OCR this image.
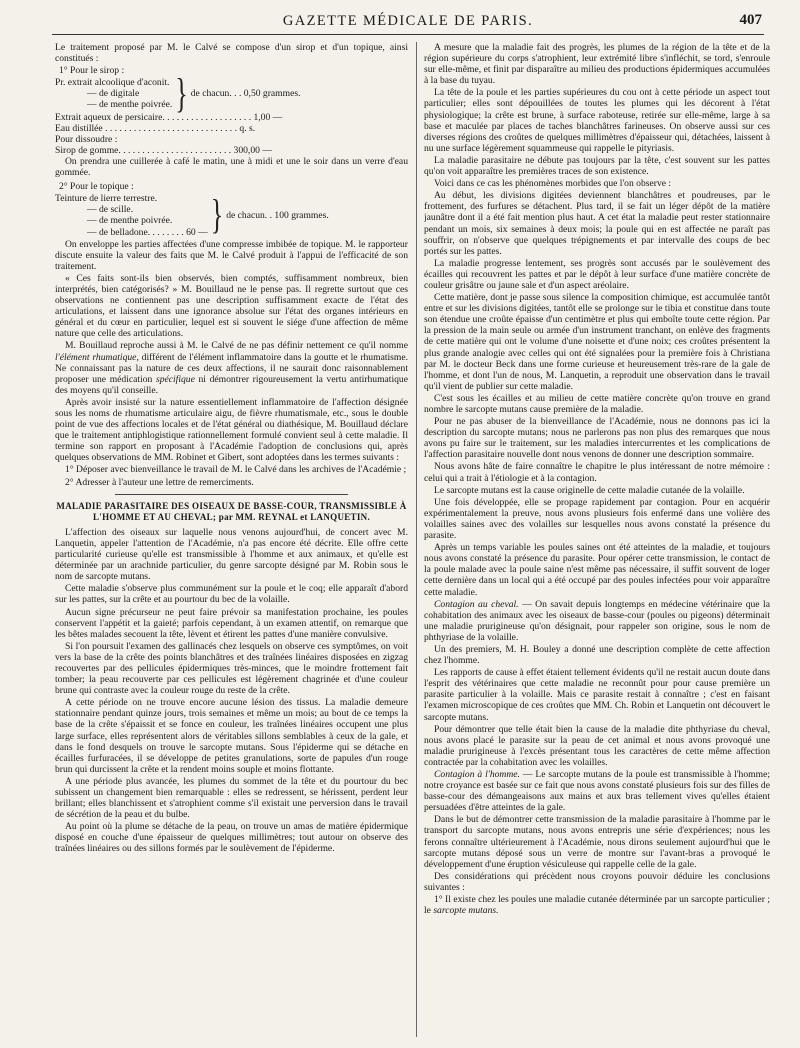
GAZETTE MÉDICALE DE PARIS.	407

Le traitement proposé par M. le Calvé se compose d'un sirop et d'un topique, ainsi constitués :

1° Pour le sirop :

Pr. extrait alcoolique d'aconit.
— de digitale
— de menthe poivrée. } de chacun. . . 0,50 grammes.
Extrait aqueux de persicaire. . . . . . . . . . . . . . . . . . . 1,00 —
Eau distillée . . . . . . . . . . . . . . . . . . . . . . . . . . . . q. s.
Pour dissoudre :
Sirop de gomme. . . . . . . . . . . . . . . . . . . . . . . . 300,00 —

On prendra une cuillerée à café le matin, une à midi et une le soir dans un verre d'eau gommée.

2° Pour le topique :

Teinture de lierre terrestre.
— de scille.
— de menthe poivrée.
— de belladone. . . . . . . . 60 — } de chacun. . 100 grammes.

On enveloppe les parties affectées d'une compresse imbibée de topique. M. le rapporteur discute ensuite la valeur des faits que M. le Calvé produit à l'appui de l'efficacité de son traitement.

« Ces faits sont-ils bien observés, bien comptés, suffisamment nombreux, bien interprétés, bien catégorisés? » M. Bouillaud ne le pense pas. Il regrette surtout que ces observations ne contiennent pas une description suffisamment exacte de l'état des articulations, et laissent dans une ignorance absolue sur l'état des organes intérieurs en général et du cœur en particulier, lequel est si souvent le siége d'une affection de même nature que celle des articulations.

M. Bouillaud reproche aussi à M. le Calvé de ne pas définir nettement ce qu'il nomme l'élément rhumatique, différent de l'élément inflammatoire dans la goutte et le rhumatisme. Ne connaissant pas la nature de ces deux affections, il ne saurait donc raisonnablement proposer une médication spécifique ni démontrer rigoureusement la vertu antirhumatique des moyens qu'il conseille.

Après avoir insisté sur la nature essentiellement inflammatoire de l'affection désignée sous les noms de rhumatisme articulaire aigu, de fièvre rhumatismale, etc., sous le double point de vue des affections locales et de l'état général ou diathésique, M. Bouillaud déclare que le traitement antiphlogistique rationnellement formulé convient seul à cette maladie. Il termine son rapport en proposant à l'Académie l'adoption de conclusions qui, après quelques observations de MM. Robinet et Gibert, sont adoptées dans les termes suivants :

1° Déposer avec bienveillance le travail de M. le Calvé dans les archives de l'Académie ;

2° Adresser à l'auteur une lettre de remerciments.

MALADIE PARASITAIRE DES OISEAUX DE BASSE-COUR, TRANSMISSIBLE À L'HOMME ET AU CHEVAL; par MM. REYNAL et LANQUETIN.

L'affection des oiseaux sur laquelle nous venons aujourd'hui, de concert avec M. Lanquetin, appeler l'attention de l'Académie, n'a pas encore été décrite. Elle offre cette particularité curieuse qu'elle est transmissible à l'homme et aux animaux, et qu'elle est déterminée par un arachnide particulier, du genre sarcopte désigné par M. Robin sous le nom de sarcopte mutans.

Cette maladie s'observe plus communément sur la poule et le coq; elle apparaît d'abord sur les pattes, sur la crête et au pourtour du bec de la volaille.

Aucun signe précurseur ne peut faire prévoir sa manifestation prochaine, les poules conservent l'appétit et la gaieté; parfois cependant, à un examen attentif, on remarque que les bêtes malades secouent la tête, lèvent et étirent les pattes d'une manière convulsive.

Si l'on poursuit l'examen des gallinacés chez lesquels on observe ces symptômes, on voit vers la base de la crête des points blanchâtres et des traînées linéaires disposées en zigzag recouvertes par des pellicules épidermiques très-minces, que le moindre frottement fait tomber; la peau recouverte par ces pellicules est légèrement chagrinée et d'une couleur brune qui contraste avec la couleur rouge du reste de la crête.

A cette période on ne trouve encore aucune lésion des tissus. La maladie demeure stationnaire pendant quinze jours, trois semaines et même un mois; au bout de ce temps la base de la crête s'épaissit et se fonce en couleur, les traînées linéaires occupent une plus large surface, elles représentent alors de véritables sillons semblables à ceux de la gale, et dans le fond desquels on trouve le sarcopte mutans. Sous l'épiderme qui se détache en écailles furfuracées, il se développe de petites granulations, sorte de papules d'un rouge brun qui durcissent la crête et la rendent moins souple et moins flottante.

A une période plus avancée, les plumes du sommet de la tête et du pourtour du bec subissent un changement bien remarquable : elles se redressent, se hérissent, perdent leur brillant; elles blanchissent et s'atrophient comme s'il existait une perversion dans le travail de sécrétion de la peau et du bulbe.

Au point où la plume se détache de la peau, on trouve un amas de matière épidermique disposé en couche d'une épaisseur de quelques millimètres; tout autour on observe des traînées linéaires ou des sillons formés par le soulèvement de l'épiderme.

A mesure que la maladie fait des progrès, les plumes de la région de la tête et de la région supérieure du corps s'atrophient, leur extrémité libre s'infléchit, se tord, s'enroule sur elle-même, et finit par disparaître au milieu des productions épidermiques accumulées à la base du tuyau.

La tête de la poule et les parties supérieures du cou ont à cette période un aspect tout particulier; elles sont dépouillées de toutes les plumes qui les décorent à l'état physiologique; la crête est brune, à surface raboteuse, retirée sur elle-même, large à sa base et maculée par places de taches blanchâtres farineuses. On observe aussi sur ces diverses régions des croûtes de quelques millimètres d'épaisseur qui, détachées, laissent à nu une surface légèrement squammeuse qui rappelle le pityriasis.

La maladie parasitaire ne débute pas toujours par la tête, c'est souvent sur les pattes qu'on voit apparaître les premières traces de son existence.

Voici dans ce cas les phénomènes morbides que l'on observe :

Au début, les divisions digitées deviennent blanchâtres et poudreuses, par le frottement, des furfures se détachent. Plus tard, il se fait un léger dépôt de la matière jaunâtre dont il a été fait mention plus haut. A cet état la maladie peut rester stationnaire pendant un mois, six semaines à deux mois; la poule qui en est affectée ne paraît pas souffrir, on n'observe que quelques trépignements et par intervalle des coups de bec portés sur les pattes.

La maladie progresse lentement, ses progrès sont accusés par le soulèvement des écailles qui recouvrent les pattes et par le dépôt à leur surface d'une matière concrète de couleur grisâtre ou jaune sale et d'un aspect aréolaire.

Cette matière, dont je passe sous silence la composition chimique, est accumulée tantôt entre et sur les divisions digitées, tantôt elle se prolonge sur le tibia et constitue dans toute son étendue une croûte épaisse d'un centimètre et plus qui emboîte toute cette région. Par la pression de la main seule ou armée d'un instrument tranchant, on enlève des fragments de cette matière qui ont le volume d'une noisette et d'une noix; ces croûtes présentent la plus grande analogie avec celles qui ont été signalées pour la première fois à Christiana par M. le docteur Beck dans une forme curieuse et heureusement très-rare de la gale de l'homme, et dont l'un de nous, M. Lanquetin, a reproduit une observation dans le travail qu'il vient de publier sur cette maladie.

C'est sous les écailles et au milieu de cette matière concrète qu'on trouve en grand nombre le sarcopte mutans cause première de la maladie.

Pour ne pas abuser de la bienveillance de l'Académie, nous ne donnons pas ici la description du sarcopte mutans; nous ne parlerons pas non plus des remarques que nous avons pu faire sur le traitement, sur les maladies intercurrentes et les complications de l'affection parasitaire nouvelle dont nous venons de donner une description sommaire.

Nous avons hâte de faire connaître le chapitre le plus intéressant de notre mémoire : celui qui a trait à l'étiologie et à la contagion.

Le sarcopte mutans est la cause originelle de cette maladie cutanée de la volaille.

Une fois développée, elle se propage rapidement par contagion. Pour en acquérir expérimentalement la preuve, nous avons plusieurs fois enfermé dans une volière des volailles saines avec des volailles sur lesquelles nous avons constaté la présence du parasite.

Après un temps variable les poules saines ont été atteintes de la maladie, et toujours nous avons constaté la présence du parasite. Pour opérer cette transmission, le contact de la poule malade avec la poule saine n'est même pas nécessaire, il suffit souvent de loger cette dernière dans un local qui a été occupé par des poules infectées pour voir apparaître cette maladie.

Contagion au cheval. — On savait depuis longtemps en médecine vétérinaire que la cohabitation des animaux avec les oiseaux de basse-cour (poules ou pigeons) déterminait une maladie prurigineuse qu'on désignait, pour rappeler son origine, sous le nom de phthyriase de la volaille.

Un des premiers, M. H. Bouley a donné une description complète de cette affection chez l'homme.

Les rapports de cause à effet étaient tellement évidents qu'il ne restait aucun doute dans l'esprit des vétérinaires que cette maladie ne reconnût pour pour cause première un parasite particulier à la volaille. Mais ce parasite restait à connaître ; c'est en faisant l'examen microscopique de ces croûtes que MM. Ch. Robin et Lanquetin ont découvert le sarcopte mutans.

Pour démontrer que telle était bien la cause de la maladie dite phthyriase du cheval, nous avons placé le parasite sur la peau de cet animal et nous avons provoqué une maladie prurigineuse à l'excès présentant tous les caractères de cette même affection contractée par la cohabitation avec les volailles.

Contagion à l'homme. — Le sarcopte mutans de la poule est transmissible à l'homme; notre croyance est basée sur ce fait que nous avons constaté plusieurs fois sur des filles de basse-cour des démangeaisons aux mains et aux bras tellement vives qu'elles étaient persuadées d'être atteintes de la gale.

Dans le but de démontrer cette transmission de la maladie parasitaire à l'homme par le transport du sarcopte mutans, nous avons entrepris une série d'expériences; nous les ferons connaître ultérieurement à l'Académie, nous dirons seulement aujourd'hui que le sarcopte mutans déposé sous un verre de montre sur l'avant-bras a provoqué le développement d'une éruption vésiculeuse qui rappelle celle de la gale.

Des considérations qui précèdent nous croyons pouvoir déduire les conclusions suivantes :

1° Il existe chez les poules une maladie cutanée déterminée par un sarcopte particulier ; le sarcopte mutans.
